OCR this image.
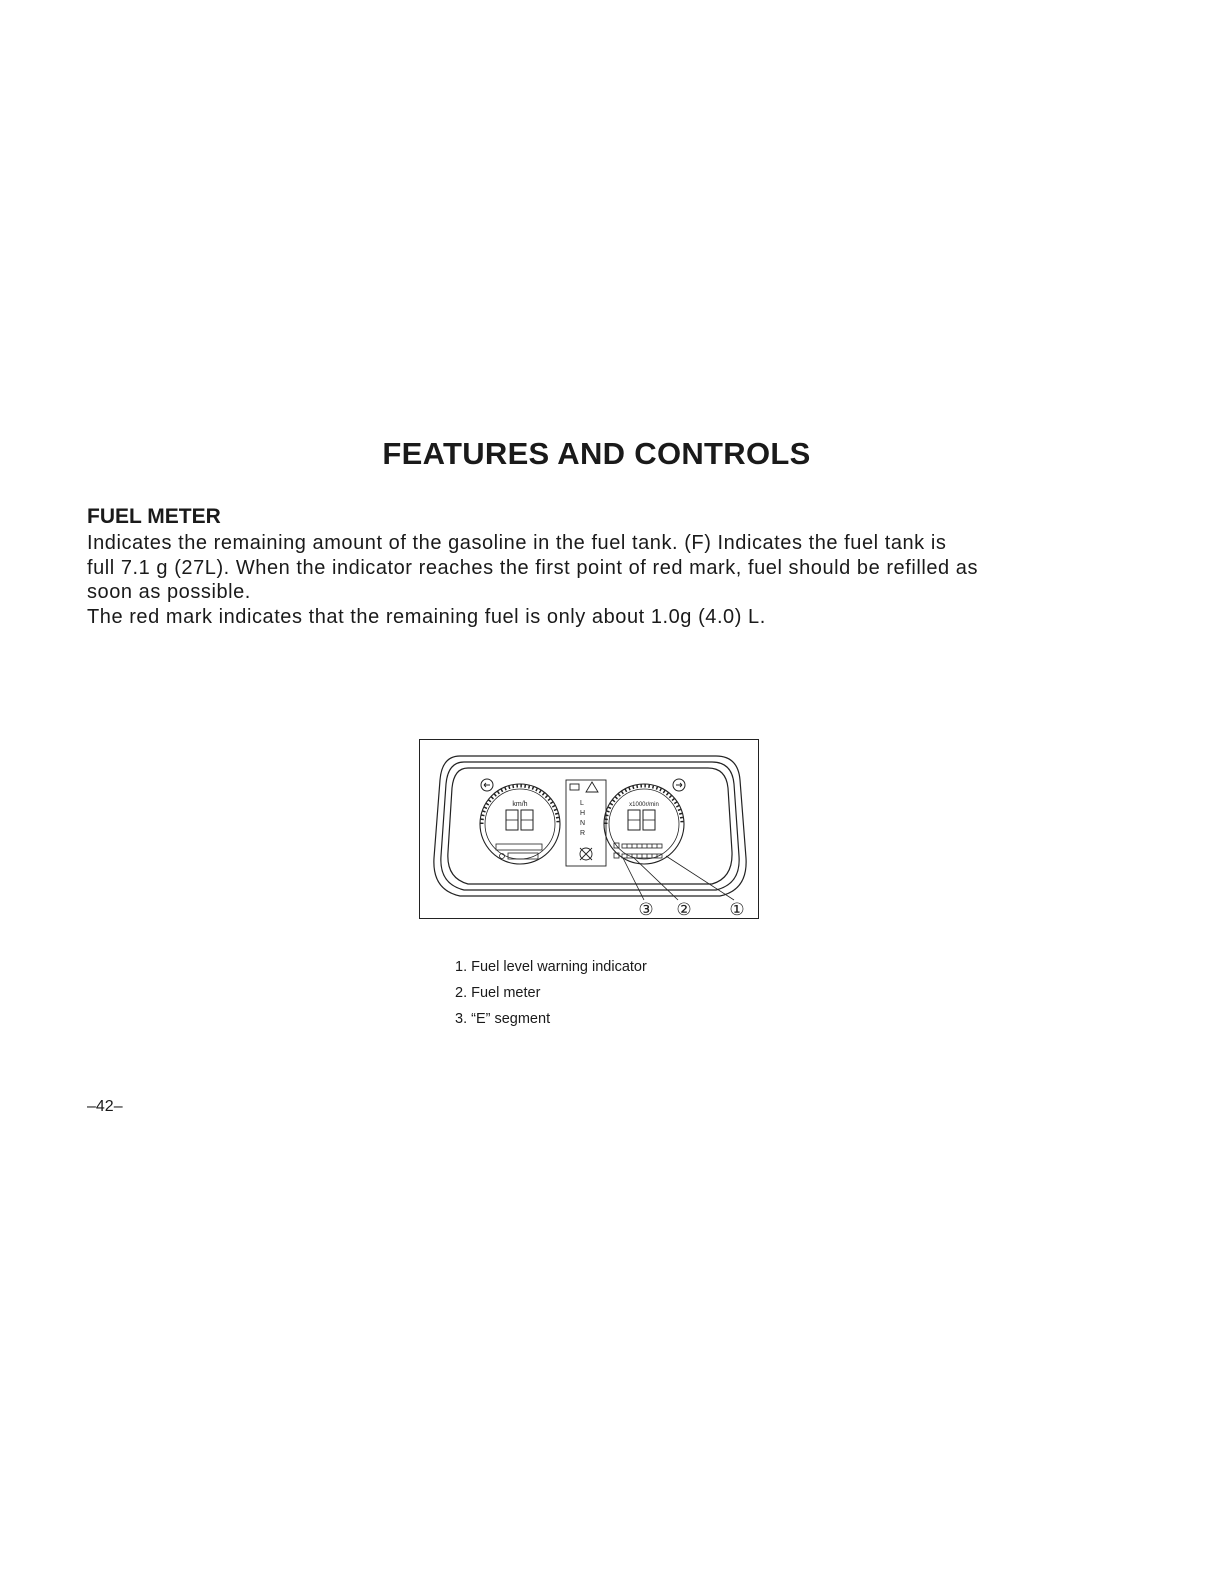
FEATURES AND CONTROLS
FUEL METER

Indicates the remaining amount of the gasoline in the fuel tank. (F) Indicates the fuel tank is

full 7.1 g (27L). When the indicator reaches the first point of red mark, fuel should be refilled as

soon as possible.

The red mark indicates that the remaining fuel is only about 1.0g (4.0) L.

km/h	L
H
N
R
x1000r/min
③ ② ①
1. Fuel level warning indicator
2. Fuel meter
3. “E” segment
–42–
